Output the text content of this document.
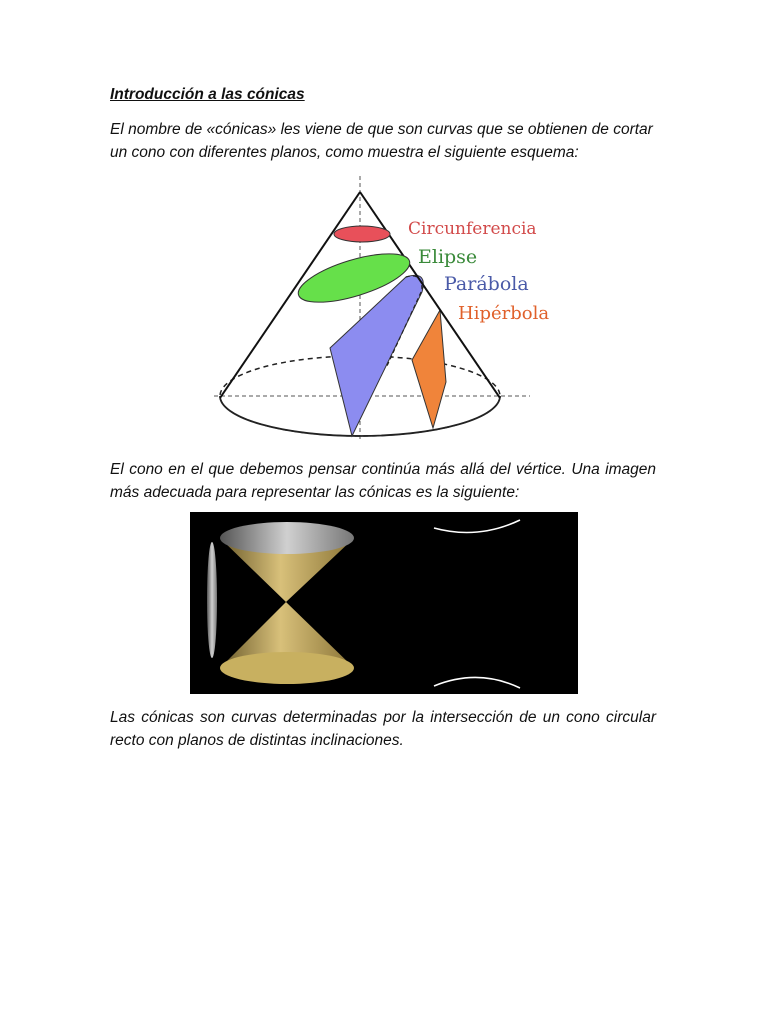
Introducción a las cónicas

El nombre de «cónicas» les viene de que son curvas que se obtienen de cortar un cono con diferentes planos, como muestra el siguiente esquema:

Circunferencia
Elipse
Parábola
Hipérbola

El cono en el que debemos pensar continúa más allá del vértice. Una imagen más adecuada para representar las cónicas es la siguiente:

Las cónicas son curvas determinadas por la intersección de un cono circular recto con planos de distintas inclinaciones.
